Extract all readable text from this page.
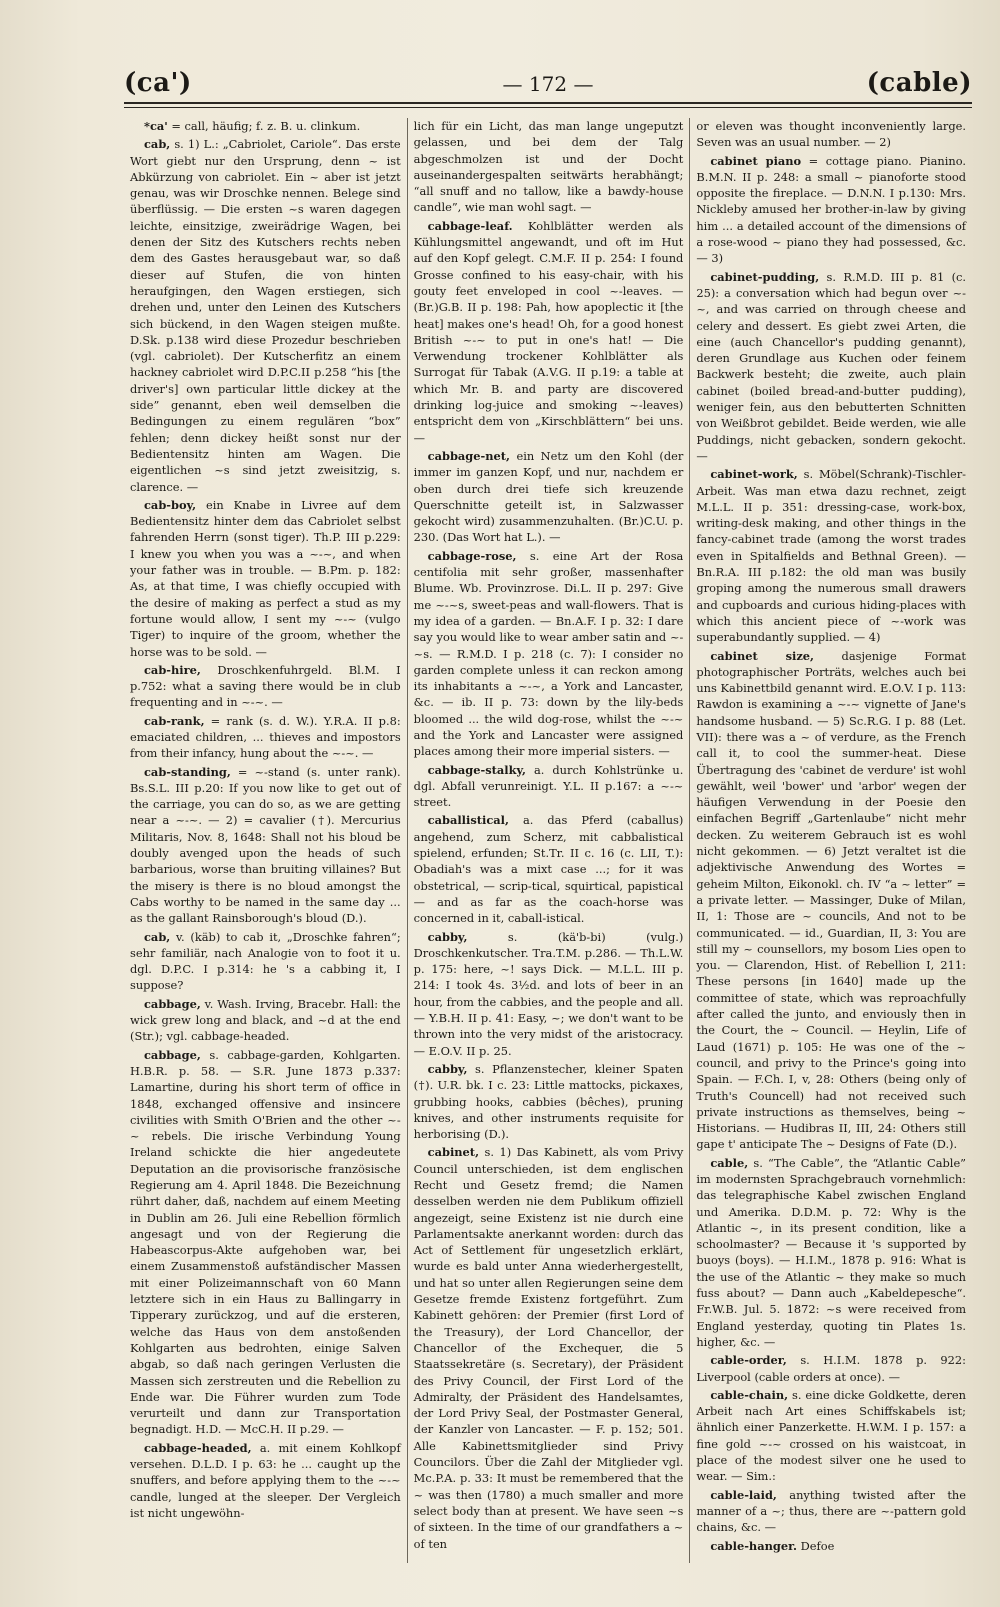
(ca')	— 172 —	(cable)

*ca' = call, häufig; f. z. B. u. clinkum.

cab, s. 1) L.: „Cabriolet, Cariole“. Das erste Wort giebt nur den Ursprung, denn ~ ist Abkürzung von cabriolet. Ein ~ aber ist jetzt genau, was wir Droschke nennen. Belege sind überflüssig. — Die ersten ~s waren dagegen leichte, einsitzige, zweirädrige Wagen, bei denen der Sitz des Kutschers rechts neben dem des Gastes herausgebaut war, so daß dieser auf Stufen, die von hinten heraufgingen, den Wagen erstiegen, sich drehen und, unter den Leinen des Kutschers sich bückend, in den Wagen steigen mußte. D.Sk. p.138 wird diese Prozedur beschrieben (vgl. cabriolet). Der Kutscherfitz an einem hackney cabriolet wird D.P.C.II p.258 “his [the driver's] own particular little dickey at the side” genannt, eben weil demselben die Bedingungen zu einem regulären “box” fehlen; denn dickey heißt sonst nur der Bedientensitz hinten am Wagen. Die eigentlichen ~s sind jetzt zweisitzig, s. clarence. —

cab-boy, ein Knabe in Livree auf dem Bedientensitz hinter dem das Cabriolet selbst fahrenden Herrn (sonst tiger). Th.P. III p.229: I knew you when you was a ~-~, and when your father was in trouble. — B.Pm. p. 182: As, at that time, I was chiefly occupied with the desire of making as perfect a stud as my fortune would allow, I sent my ~-~ (vulgo Tiger) to inquire of the groom, whether the horse was to be sold. —

cab-hire, Droschkenfuhrgeld. Bl.M. I p.752: what a saving there would be in club frequenting and in ~-~. —

cab-rank, = rank (s. d. W.). Y.R.A. II p.8: emaciated children, ... thieves and impostors from their infancy, hung about the ~-~. —

cab-standing, = ~-stand (s. unter rank). Bs.S.L. III p.20: If you now like to get out of the carriage, you can do so, as we are getting near a ~-~. — 2) = cavalier (†). Mercurius Militaris, Nov. 8, 1648: Shall not his bloud be doubly avenged upon the heads of such barbarious, worse than bruiting villaines? But the misery is there is no bloud amongst the Cabs worthy to be named in the same day ... as the gallant Rainsborough's bloud (D.).

cab, v. (käb) to cab it, „Droschke fahren“; sehr familiär, nach Analogie von to foot it u. dgl. D.P.C. I p.314: he 's a cabbing it, I suppose?

cabbage, v. Wash. Irving, Bracebr. Hall: the wick grew long and black, and ~d at the end (Str.); vgl. cabbage-headed.

cabbage, s. cabbage-garden, Kohlgarten. H.B.R. p. 58. — S.R. June 1873 p.337: Lamartine, during his short term of office in 1848, exchanged offensive and insincere civilities with Smith O'Brien and the other ~-~ rebels. Die irische Verbindung Young Ireland schickte die hier angedeutete Deputation an die provisorische französische Regierung am 4. April 1848. Die Bezeichnung rührt daher, daß, nachdem auf einem Meeting in Dublin am 26. Juli eine Rebellion förmlich angesagt und von der Regierung die Habeascorpus-Akte aufgehoben war, bei einem Zusammenstoß aufständischer Massen mit einer Polizeimannschaft von 60 Mann letztere sich in ein Haus zu Ballingarry in Tipperary zurückzog, und auf die ersteren, welche das Haus von dem anstoßenden Kohlgarten aus bedrohten, einige Salven abgab, so daß nach geringen Verlusten die Massen sich zerstreuten und die Rebellion zu Ende war. Die Führer wurden zum Tode verurteilt und dann zur Transportation begnadigt. H.D. — McC.H. II p.29. —

cabbage-headed, a. mit einem Kohlkopf versehen. D.L.D. I p. 63: he ... caught up the snuffers, and before applying them to the ~-~ candle, lunged at the sleeper. Der Vergleich ist nicht ungewöhn-

lich für ein Licht, das man lange ungeputzt gelassen, und bei dem der Talg abgeschmolzen ist und der Docht auseinandergespalten seitwärts herabhängt; “all snuff and no tallow, like a bawdy-house candle”, wie man wohl sagt. —

cabbage-leaf. Kohlblätter werden als Kühlungsmittel angewandt, und oft im Hut auf den Kopf gelegt. C.M.F. II p. 254: I found Grosse confined to his easy-chair, with his gouty feet enveloped in cool ~-leaves. — (Br.)G.B. II p. 198: Pah, how apoplectic it [the heat] makes one's head! Oh, for a good honest British ~-~ to put in one's hat! — Die Verwendung trockener Kohlblätter als Surrogat für Tabak (A.V.G. II p.19: a table at which Mr. B. and party are discovered drinking log-juice and smoking ~-leaves) entspricht dem von „Kirschblättern“ bei uns. —

cabbage-net, ein Netz um den Kohl (der immer im ganzen Kopf, und nur, nachdem er oben durch drei tiefe sich kreuzende Querschnitte geteilt ist, in Salzwasser gekocht wird) zusammenzuhalten. (Br.)C.U. p. 230. (Das Wort hat L.). —

cabbage-rose, s. eine Art der Rosa centifolia mit sehr großer, massenhafter Blume. Wb. Provinzrose. Di.L. II p. 297: Give me ~-~s, sweet-peas and wall-flowers. That is my idea of a garden. — Bn.A.F. I p. 32: I dare say you would like to wear amber satin and ~-~s. — R.M.D. I p. 218 (c. 7): I consider no garden complete unless it can reckon among its inhabitants a ~-~, a York and Lancaster, &c. — ib. II p. 73: down by the lily-beds bloomed ... the wild dog-rose, whilst the ~-~ and the York and Lancaster were assigned places among their more imperial sisters. —

cabbage-stalky, a. durch Kohlstrünke u. dgl. Abfall verunreinigt. Y.L. II p.167: a ~-~ street.

caballistical, a. das Pferd (caballus) angehend, zum Scherz, mit cabbalistical spielend, erfunden; St.Tr. II c. 16 (c. LII, T.): Obadiah's was a mixt case ...; for it was obstetrical, — scrip-tical, squirtical, papistical — and as far as the coach-horse was concerned in it, caball-istical.

cabby, s. (kä'b-bi) (vulg.) Droschkenkutscher. Tra.T.M. p.286. — Th.L.W. p. 175: here, ~! says Dick. — M.L.L. III p. 214: I took 4s. 3½d. and lots of beer in an hour, from the cabbies, and the people and all. — Y.B.H. II p. 41: Easy, ~; we don't want to be thrown into the very midst of the aristocracy. — E.O.V. II p. 25.

cabby, s. Pflanzenstecher, kleiner Spaten (†). U.R. bk. I c. 23: Little mattocks, pickaxes, grubbing hooks, cabbies (bêches), pruning knives, and other instruments requisite for herborising (D.).

cabinet, s. 1) Das Kabinett, als vom Privy Council unterschieden, ist dem englischen Recht und Gesetz fremd; die Namen desselben werden nie dem Publikum offiziell angezeigt, seine Existenz ist nie durch eine Parlamentsakte anerkannt worden: durch das Act of Settlement für ungesetzlich erklärt, wurde es bald unter Anna wiederhergestellt, und hat so unter allen Regierungen seine dem Gesetze fremde Existenz fortgeführt. Zum Kabinett gehören: der Premier (first Lord of the Treasury), der Lord Chancellor, der Chancellor of the Exchequer, die 5 Staatssekretäre (s. Secretary), der Präsident des Privy Council, der First Lord of the Admiralty, der Präsident des Handelsamtes, der Lord Privy Seal, der Postmaster General, der Kanzler von Lancaster. — F. p. 152; 501. Alle Kabinettsmitglieder sind Privy Councilors. Über die Zahl der Mitglieder vgl. Mc.P.A. p. 33: It must be remembered that the ~ was then (1780) a much smaller and more select body than at present. We have seen ~s of sixteen. In the time of our grandfathers a ~ of ten

or eleven was thought inconveniently large. Seven was an usual number. — 2)

cabinet piano = cottage piano. Pianino. B.M.N. II p. 248: a small ~ pianoforte stood opposite the fireplace. — D.N.N. I p.130: Mrs. Nickleby amused her brother-in-law by giving him ... a detailed account of the dimensions of a rose-wood ~ piano they had possessed, &c. — 3)

cabinet-pudding, s. R.M.D. III p. 81 (c. 25): a conversation which had begun over ~-~, and was carried on through cheese and celery and dessert. Es giebt zwei Arten, die eine (auch Chancellor's pudding genannt), deren Grundlage aus Kuchen oder feinem Backwerk besteht; die zweite, auch plain cabinet (boiled bread-and-butter pudding), weniger fein, aus den bebutterten Schnitten von Weißbrot gebildet. Beide werden, wie alle Puddings, nicht gebacken, sondern gekocht. —

cabinet-work, s. Möbel(Schrank)-Tischler-Arbeit. Was man etwa dazu rechnet, zeigt M.L.L. II p. 351: dressing-case, work-box, writing-desk making, and other things in the fancy-cabinet trade (among the worst trades even in Spitalfields and Bethnal Green). — Bn.R.A. III p.182: the old man was busily groping among the numerous small drawers and cupboards and curious hiding-places with which this ancient piece of ~-work was superabundantly supplied. — 4)

cabinet size, dasjenige Format photographischer Porträts, welches auch bei uns Kabinettbild genannt wird. E.O.V. I p. 113: Rawdon is examining a ~-~ vignette of Jane's handsome husband. — 5) Sc.R.G. I p. 88 (Let. VII): there was a ~ of verdure, as the French call it, to cool the summer-heat. Diese Übertragung des 'cabinet de verdure' ist wohl gewählt, weil 'bower' und 'arbor' wegen der häufigen Verwendung in der Poesie den einfachen Begriff „Gartenlaube“ nicht mehr decken. Zu weiterem Gebrauch ist es wohl nicht gekommen. — 6) Jetzt veraltet ist die adjektivische Anwendung des Wortes = geheim Milton, Eikonokl. ch. IV “a ~ letter” = a private letter. — Massinger, Duke of Milan, II, 1: Those are ~ councils, And not to be communicated. — id., Guardian, II, 3: You are still my ~ counsellors, my bosom Lies open to you. — Clarendon, Hist. of Rebellion I, 211: These persons [in 1640] made up the committee of state, which was reproachfully after called the junto, and enviously then in the Court, the ~ Council. — Heylin, Life of Laud (1671) p. 105: He was one of the ~ council, and privy to the Prince's going into Spain. — F.Ch. I, v, 28: Others (being only of Truth's Councell) had not received such private instructions as themselves, being ~ Historians. — Hudibras II, III, 24: Others still gape t' anticipate The ~ Designs of Fate (D.).

cable, s. “The Cable”, the “Atlantic Cable” im modernsten Sprachgebrauch vornehmlich: das telegraphische Kabel zwischen England und Amerika. D.D.M. p. 72: Why is the Atlantic ~, in its present condition, like a schoolmaster? — Because it 's supported by buoys (boys). — H.I.M., 1878 p. 916: What is the use of the Atlantic ~ they make so much fuss about? — Dann auch „Kabeldepesche“. Fr.W.B. Jul. 5. 1872: ~s were received from England yesterday, quoting tin Plates 1s. higher, &c. —

cable-order, s. H.I.M. 1878 p. 922: Liverpool (cable orders at once). —

cable-chain, s. eine dicke Goldkette, deren Arbeit nach Art eines Schiffskabels ist; ähnlich einer Panzerkette. H.W.M. I p. 157: a fine gold ~-~ crossed on his waistcoat, in place of the modest silver one he used to wear. — Sim.:

cable-laid, anything twisted after the manner of a ~; thus, there are ~-pattern gold chains, &c. —

cable-hanger. Defoe
